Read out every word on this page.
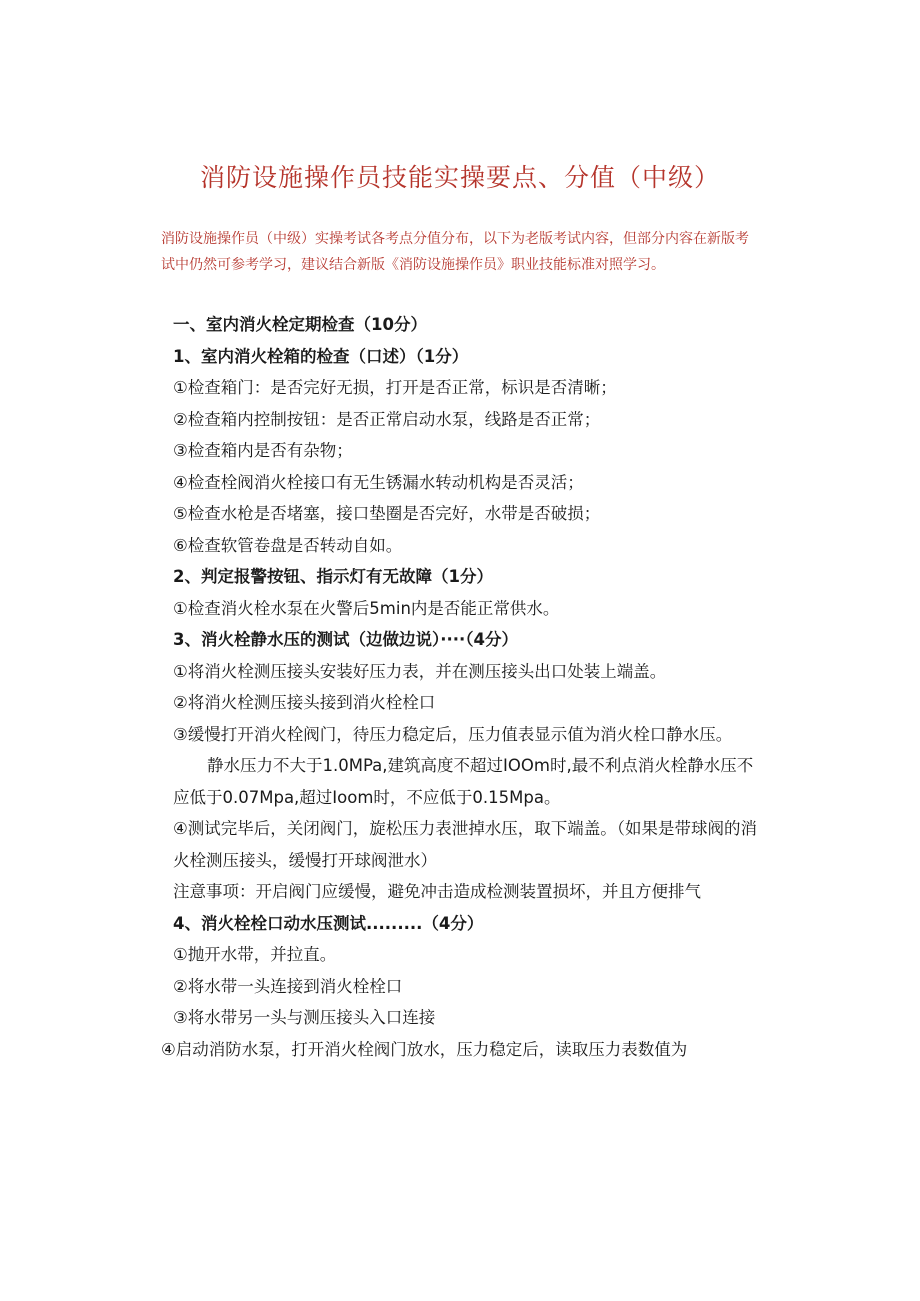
消防设施操作员技能实操要点、分值（中级）

消防设施操作员（中级）实操考试各考点分值分布，以下为老版考试内容，但部分内容在新版考试中仍然可参考学习，建议结合新版《消防设施操作员》职业技能标准对照学习。

一、室内消火栓定期检查（10分）

1、室内消火栓箱的检查（口述）（1分）

①检查箱门：是否完好无损，打开是否正常，标识是否清晰；

②检查箱内控制按钮：是否正常启动水泵，线路是否正常；

③检查箱内是否有杂物；

④检查栓阀消火栓接口有无生锈漏水转动机构是否灵活；

⑤检查水枪是否堵塞，接口垫圈是否完好，水带是否破损；

⑥检查软管卷盘是否转动自如。

2、判定报警按钮、指示灯有无故障（1分）

①检查消火栓水泵在火警后5min内是否能正常供水。

3、消火栓静水压的测试（边做边说）····（4分）

①将消火栓测压接头安装好压力表，并在测压接头出口处装上端盖。

②将消火栓测压接头接到消火栓栓口

③缓慢打开消火栓阀门，待压力稳定后，压力值表显示值为消火栓口静水压。

静水压力不大于1.0MPa,建筑高度不超过IOOm时,最不利点消火栓静水压不应低于0.07Mpa,超过Ioom时，不应低于0.15Mpa。

④测试完毕后，关闭阀门，旋松压力表泄掉水压，取下端盖。（如果是带球阀的消火栓测压接头，缓慢打开球阀泄水）

注意事项：开启阀门应缓慢，避免冲击造成检测装置损坏，并且方便排气

4、消火栓栓口动水压测试.........（4分）

①抛开水带，并拉直。

②将水带一头连接到消火栓栓口

③将水带另一头与测压接头入口连接

④启动消防水泵，打开消火栓阀门放水，压力稳定后，读取压力表数值为
